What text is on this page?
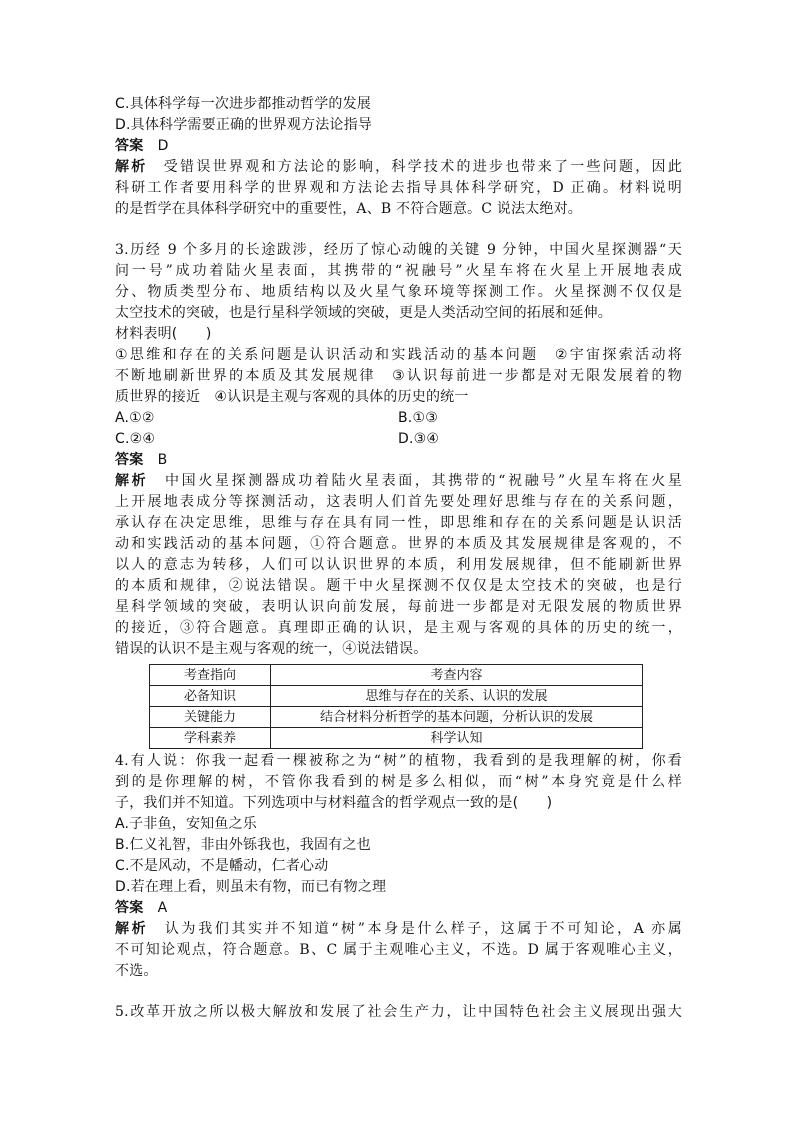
C.具体科学每一次进步都推动哲学的发展
D.具体科学需要正确的世界观方法论指导
答案　 D
解析　 受错误世界观和方法论的影响，科学技术的进步也带来了一些问题，因此
科研工作者要用科学的世界观和方法论去指导具体科学研究，D 正确。材料说明
的是哲学在具体科学研究中的重要性，A、B 不符合题意。C 说法太绝对。
3.历经 9 个多月的长途跋涉，经历了惊心动魄的关键 9 分钟，中国火星探测器“天
问一号”成功着陆火星表面，其携带的“祝融号”火星车将在火星上开展地表成
分、物质类型分布、地质结构以及火星气象环境等探测工作。火星探测不仅仅是
太空技术的突破，也是行星科学领域的突破，更是人类活动空间的拓展和延伸。
材料表明(　　)
①思维和存在的关系问题是认识活动和实践活动的基本问题　②宇宙探索活动将
不断地刷新世界的本质及其发展规律　③认识每前进一步都是对无限发展着的物
质世界的接近　④认识是主观与客观的具体的历史的统一
A.①②	B.①③
C.②④	D.③④
答案　 B
解析　 中国火星探测器成功着陆火星表面，其携带的“祝融号”火星车将在火星
上开展地表成分等探测活动，这表明人们首先要处理好思维与存在的关系问题，
承认存在决定思维，思维与存在具有同一性，即思维和存在的关系问题是认识活
动和实践活动的基本问题，①符合题意。世界的本质及其发展规律是客观的，不
以人的意志为转移，人们可以认识世界的本质，利用发展规律，但不能刷新世界
的本质和规律，②说法错误。题干中火星探测不仅仅是太空技术的突破，也是行
星科学领域的突破，表明认识向前发展，每前进一步都是对无限发展的物质世界
的接近，③符合题意。真理即正确的认识，是主观与客观的具体的历史的统一，
错误的认识不是主观与客观的统一，④说法错误。
考查指向	考查内容
必备知识	思维与存在的关系、认识的发展
关键能力	结合材料分析哲学的基本问题，分析认识的发展
学科素养	科学认知
4.有人说：你我一起看一棵被称之为“树”的植物，我看到的是我理解的树，你看
到的是你理解的树，不管你我看到的树是多么相似，而“树”本身究竟是什么样
子，我们并不知道。下列选项中与材料蕴含的哲学观点一致的是(　　)
A.子非鱼，安知鱼之乐
B.仁义礼智，非由外铄我也，我固有之也
C.不是风动，不是幡动，仁者心动
D.若在理上看，则虽未有物，而已有物之理
答案　 A
解析　 认为我们其实并不知道“树”本身是什么样子，这属于不可知论，A 亦属
不可知论观点，符合题意。B、C 属于主观唯心主义，不选。D 属于客观唯心主义，
不选。
5.改革开放之所以极大解放和发展了社会生产力，让中国特色社会主义展现出强大
